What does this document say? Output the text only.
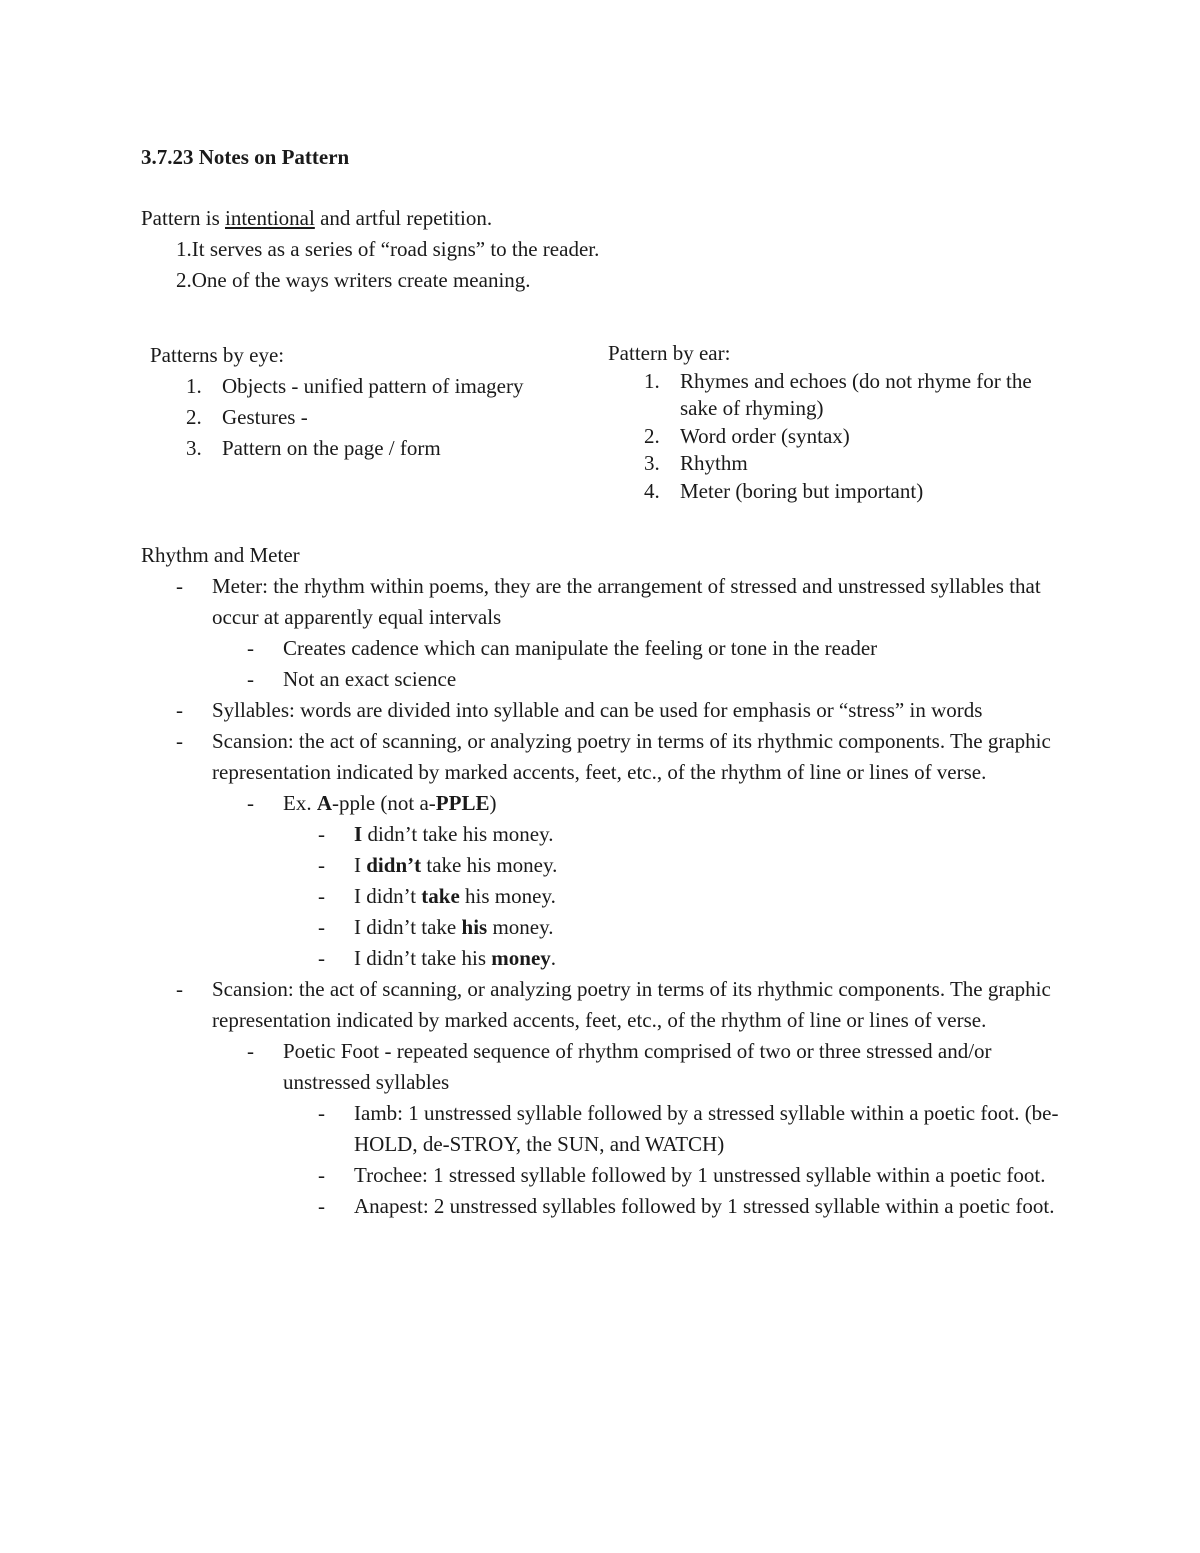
3.7.23 Notes on Pattern
Pattern is intentional and artful repetition.
1.It serves as a series of “road signs” to the reader.
2.One of the ways writers create meaning.
Patterns by eye:
1. Objects - unified pattern of imagery
2. Gestures -
3. Pattern on the page / form
Pattern by ear:
1. Rhymes and echoes (do not rhyme for the sake of rhyming)
2. Word order (syntax)
3. Rhythm
4. Meter (boring but important)
Rhythm and Meter
-	Meter: the rhythm within poems, they are the arrangement of stressed and unstressed syllables that occur at apparently equal intervals
-	Creates cadence which can manipulate the feeling or tone in the reader
-	Not an exact science
-	Syllables: words are divided into syllable and can be used for emphasis or “stress” in words
-	Scansion: the act of scanning, or analyzing poetry in terms of its rhythmic components. The graphic representation indicated by marked accents, feet, etc., of the rhythm of line or lines of verse.
-	Ex. A-pple (not a-PPLE)
-	I didn’t take his money.
-	I didn’t take his money.
-	I didn’t take his money.
-	I didn’t take his money.
-	I didn’t take his money.
-	Scansion: the act of scanning, or analyzing poetry in terms of its rhythmic components. The graphic representation indicated by marked accents, feet, etc., of the rhythm of line or lines of verse.
-	Poetic Foot - repeated sequence of rhythm comprised of two or three stressed and/or unstressed syllables
-	Iamb: 1 unstressed syllable followed by a stressed syllable within a poetic foot. (be-HOLD, de-STROY, the SUN, and WATCH)
-	Trochee: 1 stressed syllable followed by 1 unstressed syllable within a poetic foot.
-	Anapest: 2 unstressed syllables followed by 1 stressed syllable within a poetic foot.
